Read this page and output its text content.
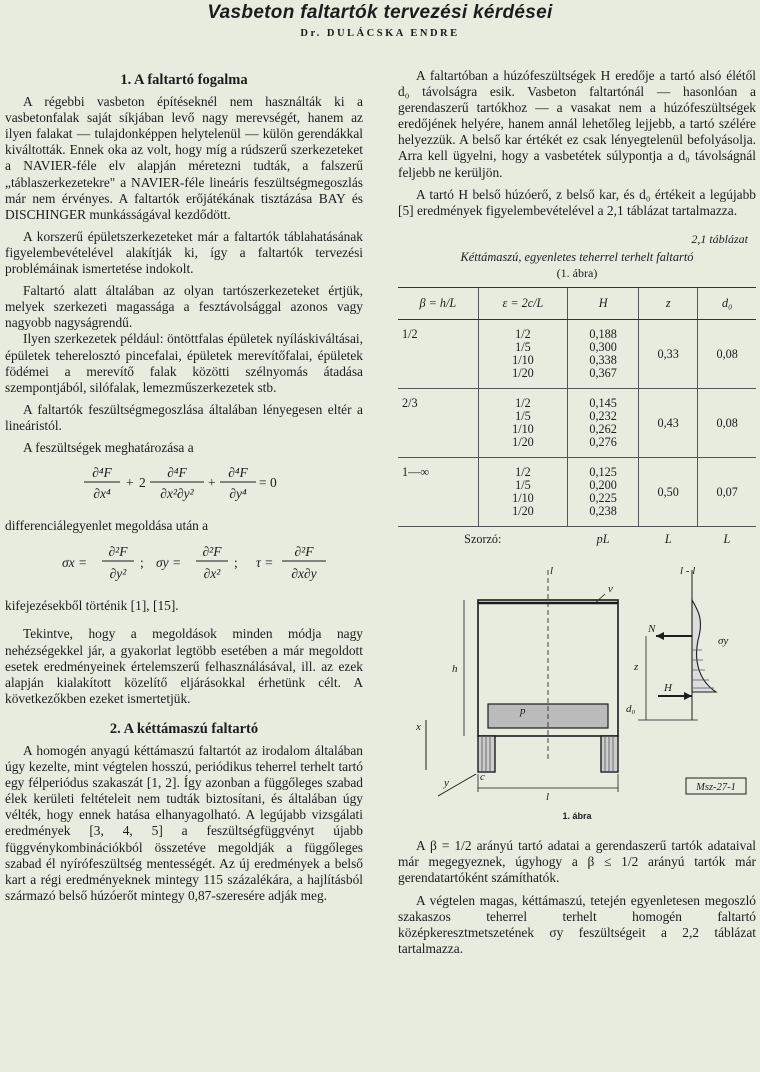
Vasbeton faltartók tervezési kérdései
Dr. DULÁCSKA ENDRE
1. A faltartó fogalma

A régebbi vasbeton építéseknél nem használták ki a vasbetonfalak saját síkjában levő nagy merevségét, hanem az ilyen falakat — tulajdonképpen helytelenül — külön gerendákkal kiváltották. Ennek oka az volt, hogy míg a rúdszerű szerkezeteket a NAVIER-féle elv alapján méretezni tudták, a falszerű „táblaszerkezetekre" a NAVIER-féle lineáris feszültségmegoszlás már nem érvényes. A faltartók erőjátékának tisztázása BAY és DISCHINGER munkásságával kezdődött.

A korszerű épületszerkezeteket már a faltartók táblahatásának figyelembevételével alakítják ki, így a faltartók tervezési problémáinak ismertetése indokolt.

Faltartó alatt általában az olyan tartószerkezeteket értjük, melyek szerkezeti magassága a fesztávolsággal azonos vagy nagyobb nagyságrendű.

Ilyen szerkezetek például: öntöttfalas épületek nyíláskiváltásai, épületek teherelosztó pincefalai, épületek merevítőfalai, épületek födémei a merevítő falak közötti szélnyomás átadása szempontjából, silófalak, lemezműszerkezetek stb.

A faltartók feszültségmegoszlása általában lényegesen eltér a lineáristól.

A feszültségek meghatározása a

∂⁴F
∂x⁴
+ 2
∂⁴F
∂x²∂y²
+
∂⁴F
∂y⁴
= 0

differenciálegyenlet megoldása után a

σx =
∂²F
∂y²
; σy =
∂²F
∂x²
; τ =
∂²F
∂x∂y

kifejezésekből történik [1], [15].

Tekintve, hogy a megoldások minden módja nagy nehézségekkel jár, a gyakorlat legtöbb esetében a már megoldott esetek eredményeinek értelemszerű felhasználásával, ill. az ezek alapján kialakított közelítő eljárásokkal érhetünk célt. A következőkben ezeket ismertetjük.

2. A kéttámaszú faltartó

A homogén anyagú kéttámaszú faltartót az irodalom általában úgy kezelte, mint végtelen hosszú, periódikus teherrel terhelt tartó egy félperiódus szakaszát [1, 2]. Így azonban a függőleges szabad élek kerületi feltételeit nem tudták biztosítani, és általában úgy vélték, hogy ennek hatása elhanyagolható. A legújabb vizsgálati eredmények [3, 4, 5] a feszültségfüggvényt újabb függvénykombinációkból összetéve megoldják a függőleges szabad él nyírófeszültség mentességét. Az új eredmények a belső kart a régi eredményeknek mintegy 115 százalékára, a hajlításból származó belső húzóerőt mintegy 0,87-szeresére adják meg.

A faltartóban a húzófeszültségek H eredője a tartó alsó élétől d₀ távolságra esik. Vasbeton faltartónál — hasonlóan a gerendaszerű tartókhoz — a vasakat nem a húzófeszültségek eredőjének helyére, hanem annál lehetőleg lejjebb, a tartó szélére helyezzük. A belső kar értékét ez csak lényegtelenül befolyásolja. Arra kell ügyelni, hogy a vasbetétek súlypontja a d₀ távolságnál feljebb ne kerüljön.

A tartó H belső húzóerő, z belső kar, és d₀ értékeit a legújabb [5] eredmények figyelembevételével a 2,1 táblázat tartalmazza.

2,1 táblázat
Kéttámaszú, egyenletes teherrel terhelt faltartó
(1. ábra)
β = h/L	ε = 2c/L	H	z	d₀
1/2	1/2
1/5
1/10
1/20	0,188
0,300
0,338
0,367	0,33	0,08
2/3	1/2
1/5
1/10
1/20	0,145
0,232
0,262
0,276	0,43	0,08
1—∞	1/2
1/5
1/10
1/20	0,125
0,200
0,225
0,238	0,50	0,07
Szorzó:		pL	L	L
l
v
h
p
x
y	c
l
l - l
σy
N
H
z
d₀
Msz-27-1
1. ábra

A β = 1/2 arányú tartó adatai a gerendaszerű tartók adataival már megegyeznek, úgyhogy a β ≤ 1/2 arányú tartók már gerendatartóként számíthatók.

A végtelen magas, kéttámaszú, tetején egyenletesen megoszló szakaszos teherrel terhelt homogén faltartó középkeresztmetszetének σy feszültségeit a 2,2 táblázat tartalmazza.
